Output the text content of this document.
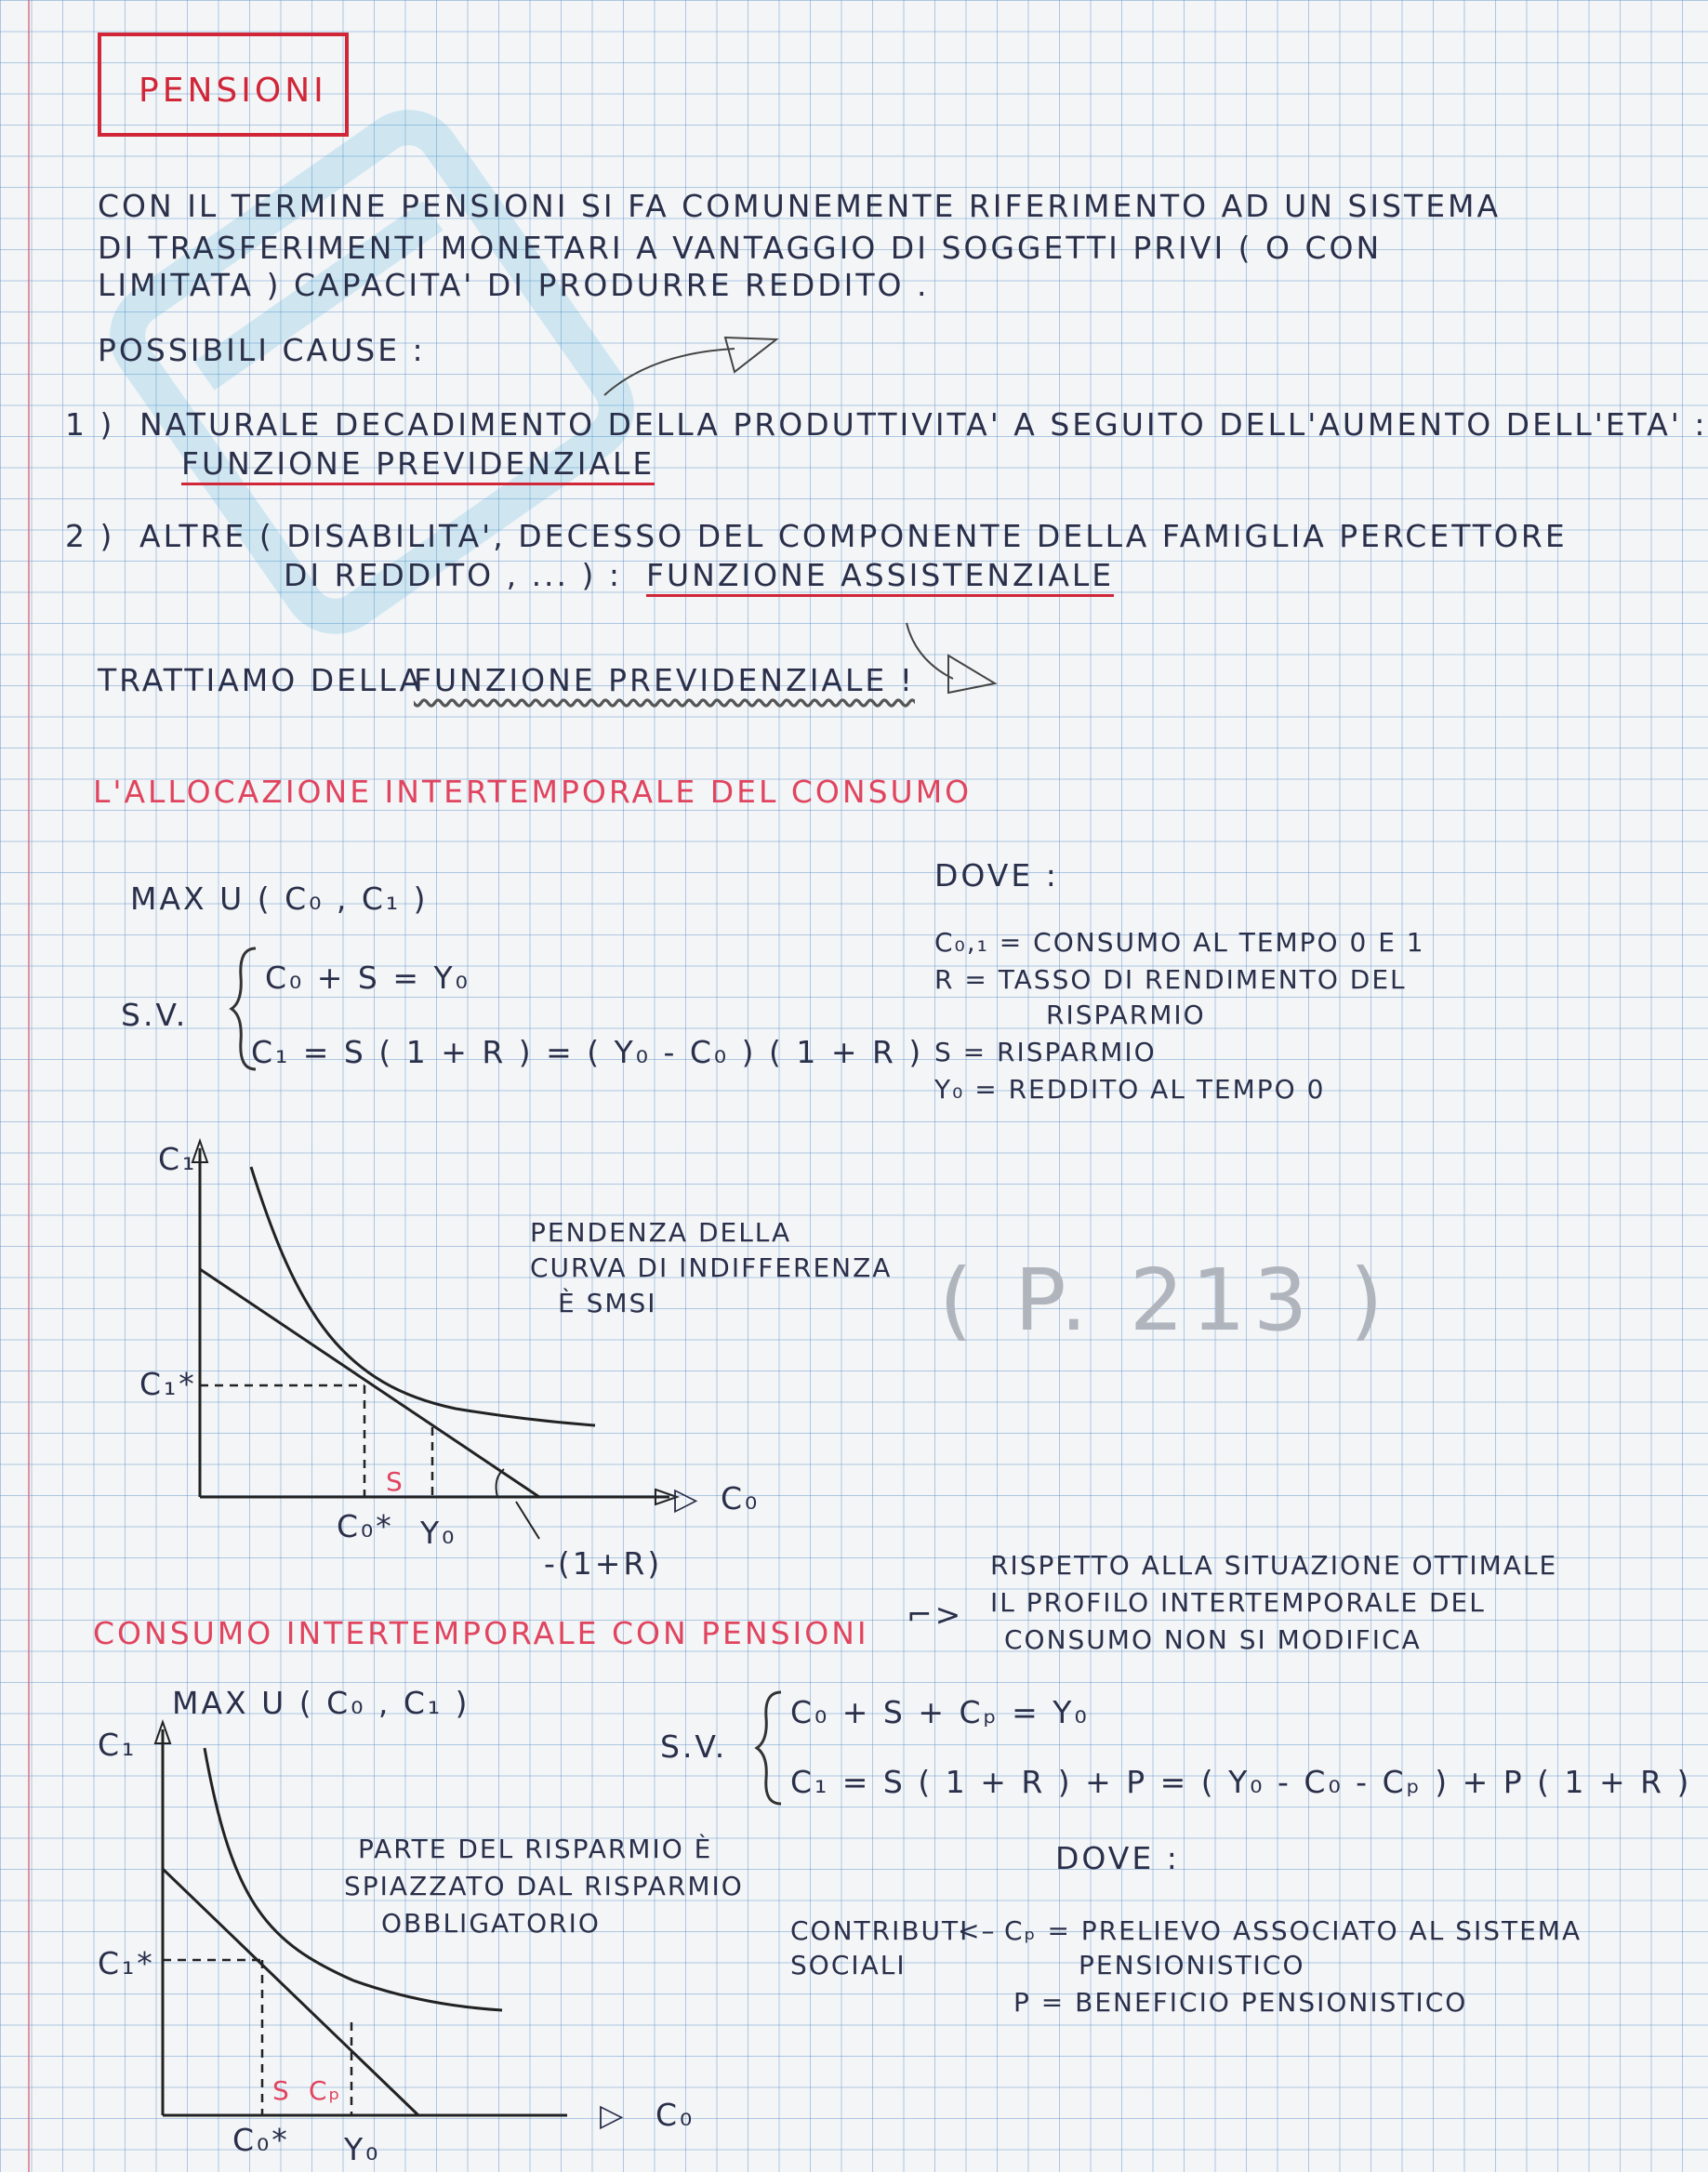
PENSIONI
CON IL TERMINE PENSIONI SI FA COMUNEMENTE RIFERIMENTO AD UN SISTEMA
DI TRASFERIMENTI MONETARI A VANTAGGIO DI SOGGETTI PRIVI ( O CON
LIMITATA ) CAPACITA' DI PRODURRE REDDITO .
POSSIBILI CAUSE :
1 ) NATURALE DECADIMENTO DELLA PRODUTTIVITA' A SEGUITO DELL'AUMENTO DELL'ETA' :
FUNZIONE PREVIDENZIALE
2 ) ALTRE ( DISABILITA', DECESSO DEL COMPONENTE DELLA FAMIGLIA PERCETTORE
DI REDDITO , ... ) : FUNZIONE ASSISTENZIALE
TRATTIAMO DELLA
FUNZIONE PREVIDENZIALE !
L'ALLOCAZIONE INTERTEMPORALE DEL CONSUMO
MAX U ( C₀ , C₁ )
S.V.
C₀ + S = Y₀
C₁ = S ( 1 + R ) = ( Y₀ - C₀ ) ( 1 + R )
DOVE :
C₀,₁ = CONSUMO AL TEMPO 0 E 1
R = TASSO DI RENDIMENTO DEL
RISPARMIO
S = RISPARMIO
Y₀ = REDDITO AL TEMPO 0
C₁
▷ C₀
C₁*
C₀* Y₀
S
-(1+R)
PENDENZA DELLA
CURVA DI INDIFFERENZA
È SMSI	( P. 213 )
CONSUMO INTERTEMPORALE CON PENSIONI
⌐>
RISPETTO ALLA SITUAZIONE OTTIMALE
IL PROFILO INTERTEMPORALE DEL
CONSUMO NON SI MODIFICA
MAX U ( C₀ , C₁ )
S.V.
C₀ + S + Cₚ = Y₀
C₁ = S ( 1 + R ) + P = ( Y₀ - C₀ - Cₚ ) + P ( 1 + R )
DOVE :
CONTRIBUTI
SOCIALI
<– Cₚ = PRELIEVO ASSOCIATO AL SISTEMA
PENSIONISTICO
P = BENEFICIO PENSIONISTICO
C₁
▷ C₀
C₁*
C₀* Y₀
S Cₚ
PARTE DEL RISPARMIO È
SPIAZZATO DAL RISPARMIO
OBBLIGATORIO
